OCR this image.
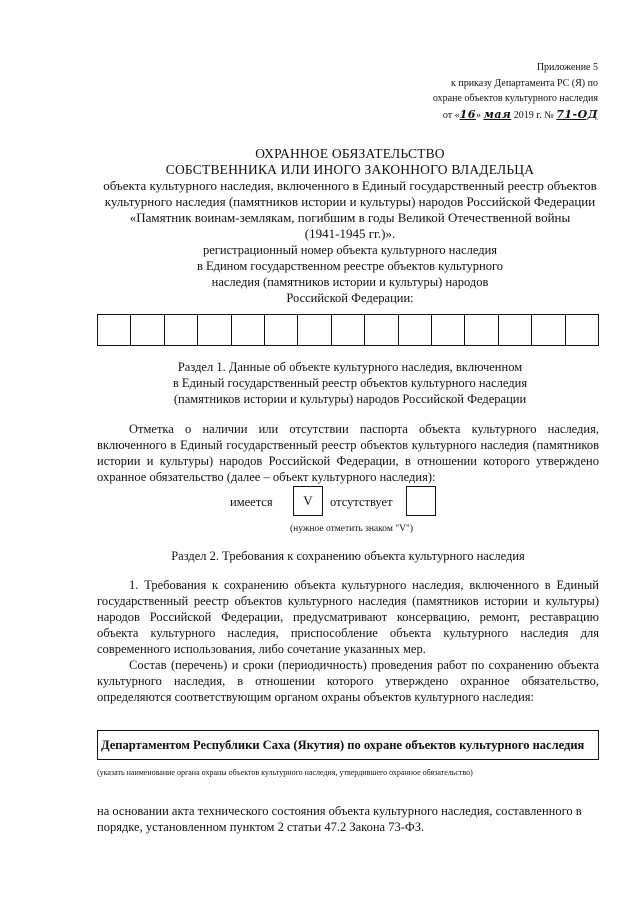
Приложение 5
к приказу Департамента РС (Я) по
охране объектов культурного наследия
от «16» мая 2019 г. № 71-ОД
ОХРАННОЕ ОБЯЗАТЕЛЬСТВО
СОБСТВЕННИКА ИЛИ ИНОГО ЗАКОННОГО ВЛАДЕЛЬЦА
объекта культурного наследия, включенного в Единый государственный реестр объектов
культурного наследия (памятников истории и культуры) народов Российской Федерации
«Памятник воинам-землякам, погибшим в годы Великой Отечественной войны
(1941-1945 гг.)».
регистрационный номер объекта культурного наследия
в Едином государственном реестре объектов культурного
наследия (памятников истории и культуры) народов
Российской Федерации:
Раздел 1. Данные об объекте культурного наследия, включенном
в Единый государственный реестр объектов культурного наследия
(памятников истории и культуры) народов Российской Федерации
Отметка о наличии или отсутствии паспорта объекта культурного наследия, включенного в Единый государственный реестр объектов культурного наследия (памятников истории и культуры) народов Российской Федерации, в отношении которого утверждено охранное обязательство (далее – объект культурного наследия):
имеется	V	отсутствует
(нужное отметить знаком "V")
Раздел 2. Требования к сохранению объекта культурного наследия
1. Требования к сохранению объекта культурного наследия, включенного в Единый государственный реестр объектов культурного наследия (памятников истории и культуры) народов Российской Федерации, предусматривают консервацию, ремонт, реставрацию объекта культурного наследия, приспособление объекта культурного наследия для современного использования, либо сочетание указанных мер.
Состав (перечень) и сроки (периодичность) проведения работ по сохранению объекта культурного наследия, в отношении которого утверждено охранное обязательство, определяются соответствующим органом охраны объектов культурного наследия:
Департаментом Республики Саха (Якутия) по охране объектов культурного наследия
(указать наименование органа охраны объектов культурного наследия, утвердившего охранное обязательство)
на основании акта технического состояния объекта культурного наследия, составленного в порядке, установленном пунктом 2 статьи 47.2 Закона 73-ФЗ.
